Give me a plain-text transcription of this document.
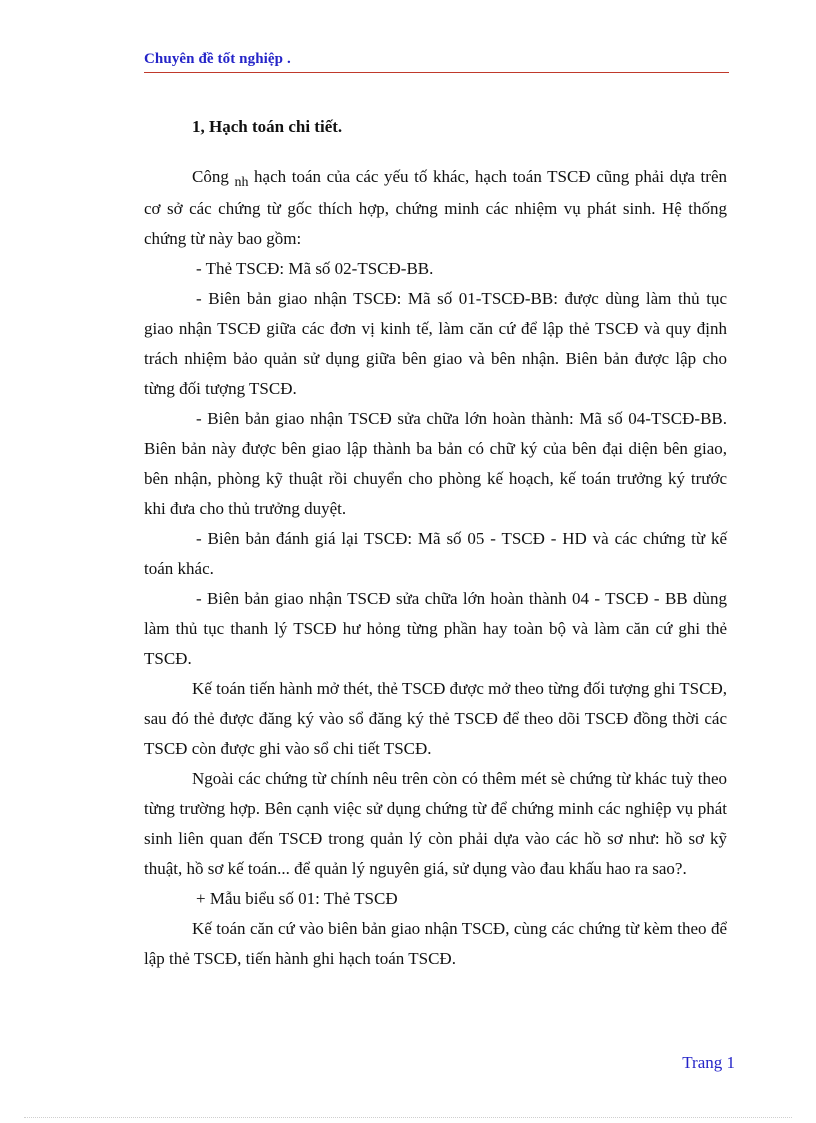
Chuyên đề tốt nghiệp .

1, Hạch toán chi tiết.

Công $_{nh}$ hạch toán của các yếu tố khác, hạch toán TSCĐ cũng phải dựa trên cơ sở các chứng từ gốc thích hợp, chứng minh các nhiệm vụ phát sinh. Hệ thống chứng từ này bao gồm:

- Thẻ TSCĐ: Mã số 02-TSCĐ-BB.

- Biên bản giao nhận TSCĐ: Mã số 01-TSCĐ-BB: được dùng làm thủ tục giao nhận TSCĐ giữa các đơn vị kinh tế, làm căn cứ để lập thẻ TSCĐ và quy định trách nhiệm bảo quản sử dụng giữa bên giao và bên nhận. Biên bản được lập cho từng đối tượng TSCĐ.

- Biên bản giao nhận TSCĐ sửa chữa lớn hoàn thành: Mã số 04-TSCĐ-BB. Biên bản này được bên giao lập thành ba bản có chữ ký của bên đại diện bên giao, bên nhận, phòng kỹ thuật rồi chuyển cho phòng kế hoạch, kế toán trưởng ký trước khi đưa cho thủ trưởng duyệt.

- Biên bản đánh giá lại TSCĐ: Mã số 05 - TSCĐ - HD và các chứng từ kế toán khác.

- Biên bản giao nhận TSCĐ sửa chữa lớn hoàn thành 04 - TSCĐ - BB dùng làm thủ tục thanh lý TSCĐ hư hỏng từng phần hay toàn bộ và làm căn cứ ghi thẻ TSCĐ.

Kế toán tiến hành mở thét, thẻ TSCĐ được mở theo từng đối tượng ghi TSCĐ, sau đó thẻ được đăng ký vào sổ đăng ký thẻ TSCĐ để theo dõi TSCĐ đồng thời các TSCĐ còn được ghi vào sổ chi tiết TSCĐ.

Ngoài các chứng từ chính nêu trên còn có thêm mét sè chứng từ khác tuỳ theo từng trường hợp. Bên cạnh việc sử dụng chứng từ để chứng minh các nghiệp vụ phát sinh liên quan đến TSCĐ trong quản lý còn phải dựa vào các hồ sơ như: hồ sơ kỹ thuật, hồ sơ kế toán... để quản lý nguyên giá, sử dụng vào đau khấu hao ra sao?.

+ Mẫu biểu số 01: Thẻ TSCĐ

Kế toán căn cứ vào biên bản giao nhận TSCĐ, cùng các chứng từ kèm theo để lập thẻ TSCĐ, tiến hành ghi hạch toán TSCĐ.

Trang 1
